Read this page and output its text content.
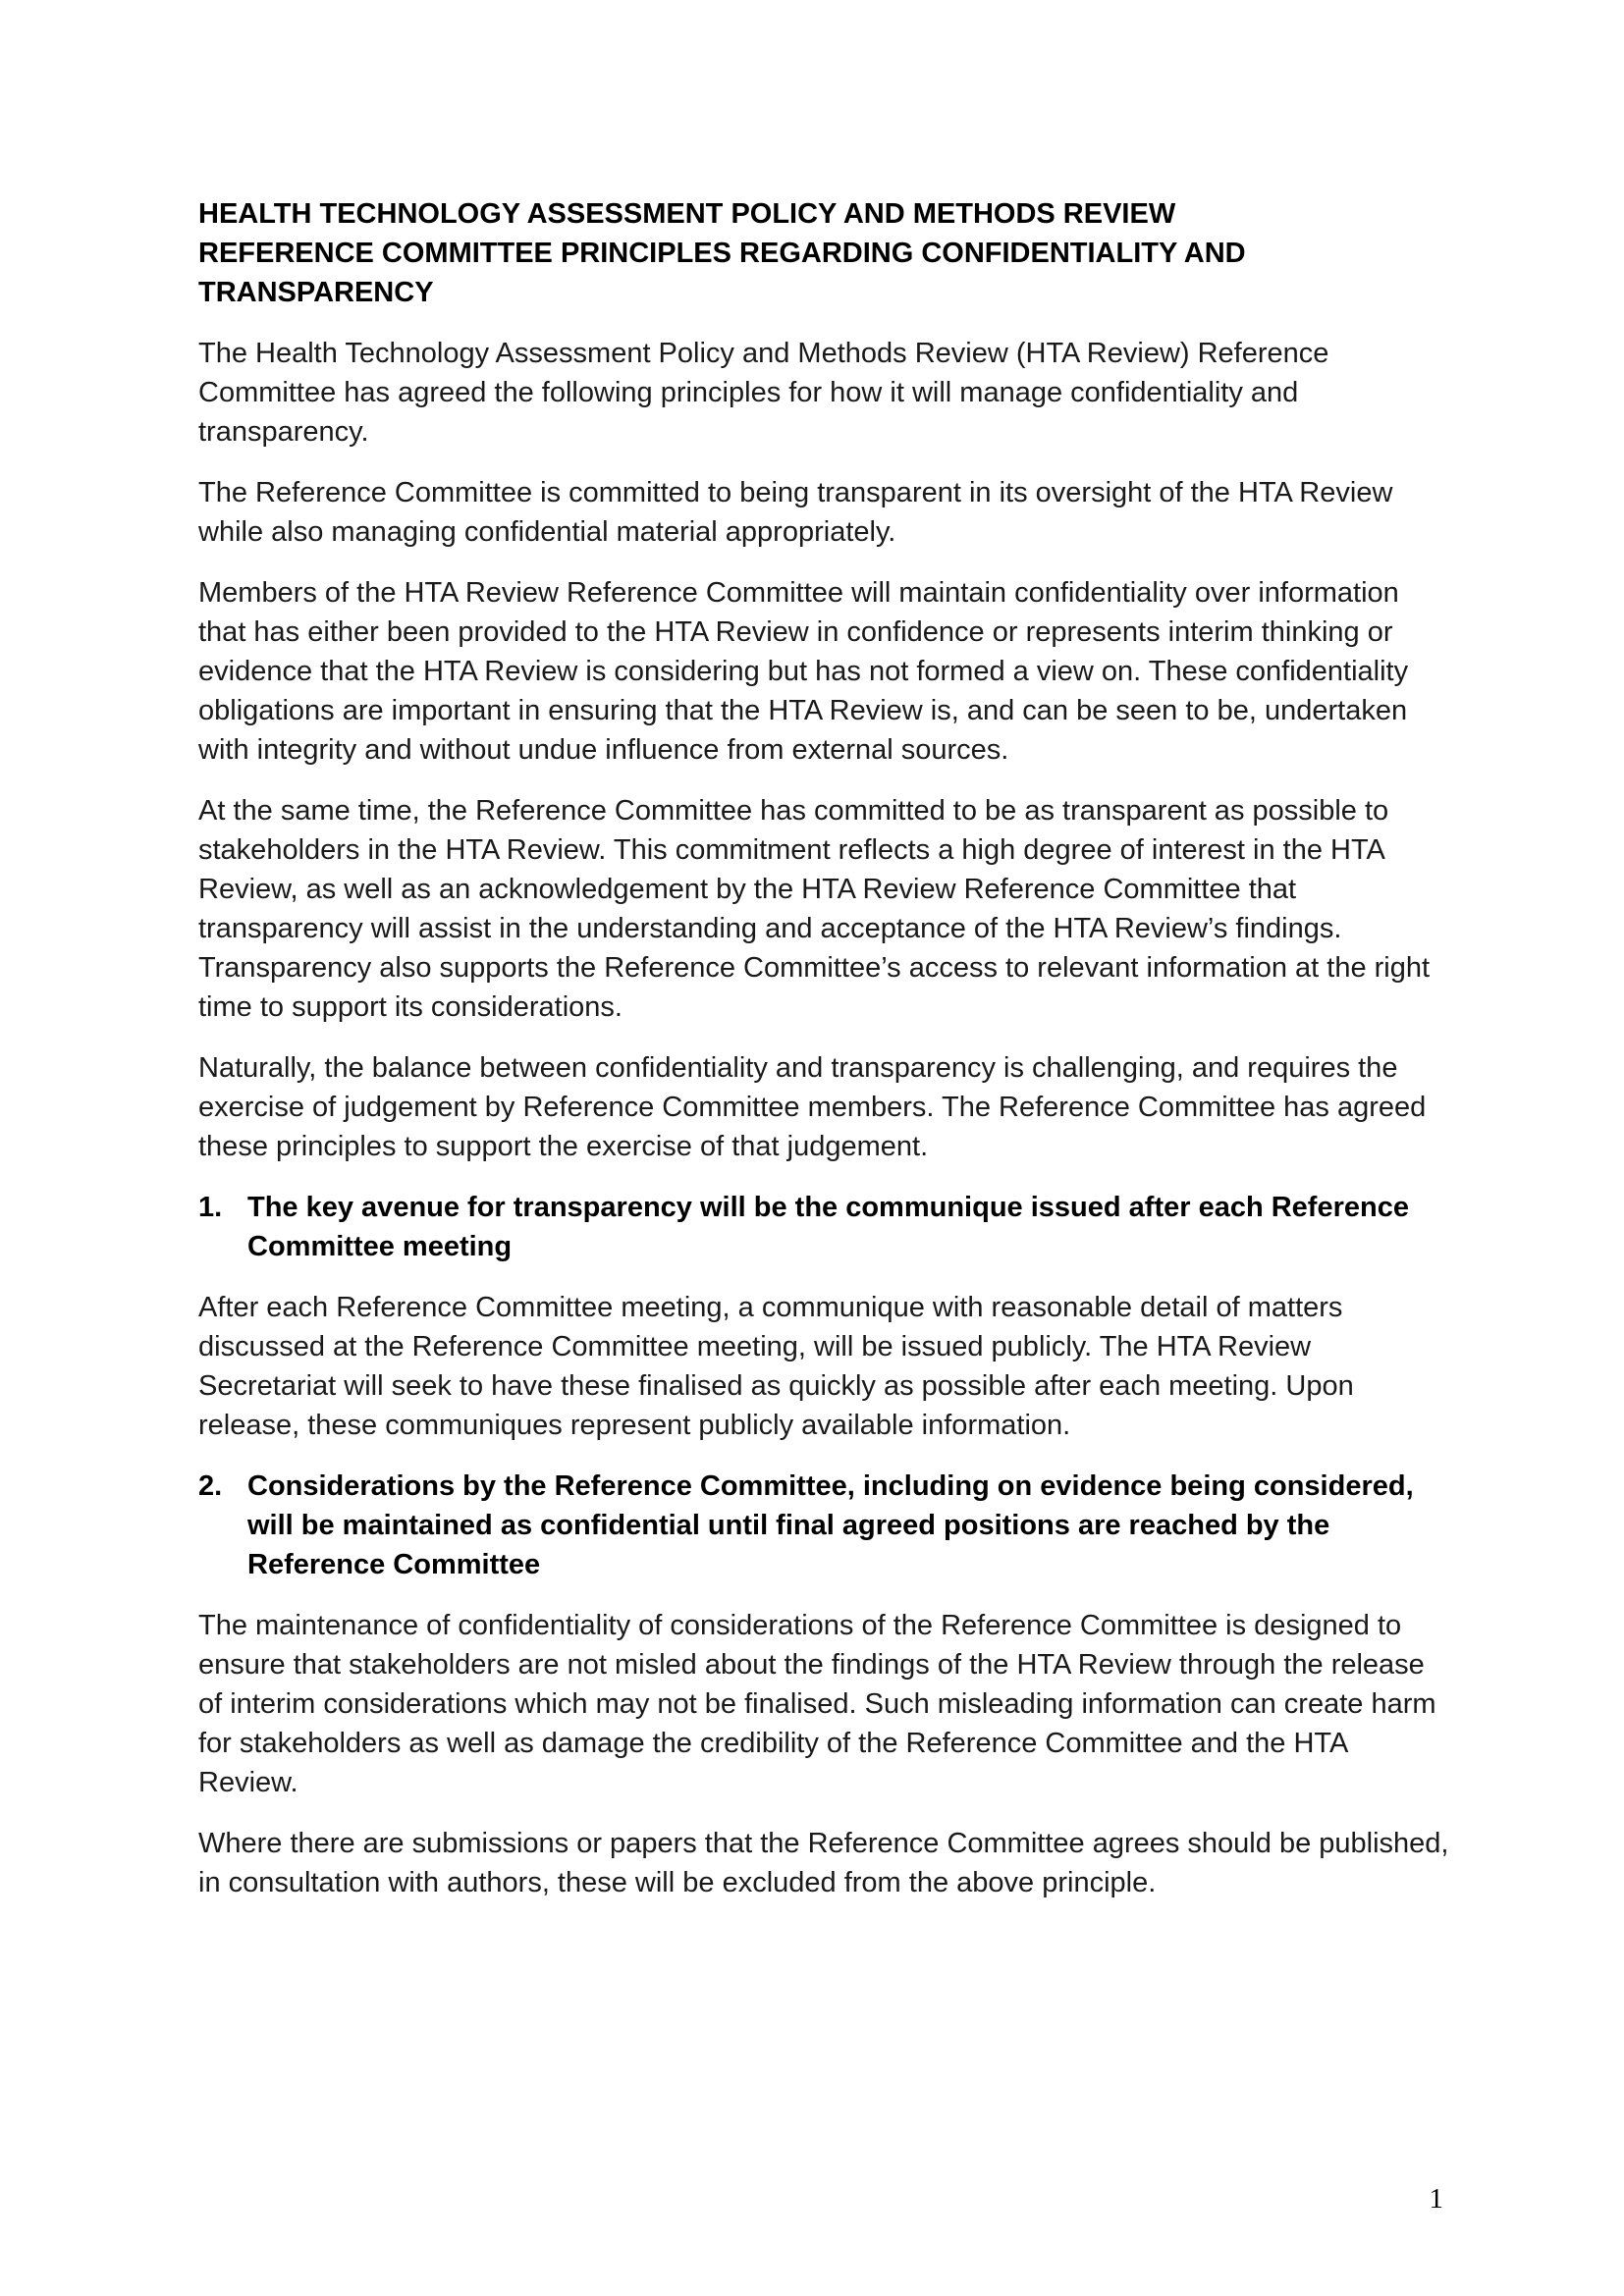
HEALTH TECHNOLOGY ASSESSMENT POLICY AND METHODS REVIEW
REFERENCE COMMITTEE PRINCIPLES REGARDING CONFIDENTIALITY AND
TRANSPARENCY

The Health Technology Assessment Policy and Methods Review (HTA Review) Reference Committee has agreed the following principles for how it will manage confidentiality and transparency.

The Reference Committee is committed to being transparent in its oversight of the HTA Review while also managing confidential material appropriately.

Members of the HTA Review Reference Committee will maintain confidentiality over information that has either been provided to the HTA Review in confidence or represents interim thinking or evidence that the HTA Review is considering but has not formed a view on. These confidentiality obligations are important in ensuring that the HTA Review is, and can be seen to be, undertaken with integrity and without undue influence from external sources.

At the same time, the Reference Committee has committed to be as transparent as possible to stakeholders in the HTA Review. This commitment reflects a high degree of interest in the HTA Review, as well as an acknowledgement by the HTA Review Reference Committee that transparency will assist in the understanding and acceptance of the HTA Review’s findings. Transparency also supports the Reference Committee’s access to relevant information at the right time to support its considerations.

Naturally, the balance between confidentiality and transparency is challenging, and requires the exercise of judgement by Reference Committee members. The Reference Committee has agreed these principles to support the exercise of that judgement.

1. The key avenue for transparency will be the communique issued after each Reference Committee meeting

After each Reference Committee meeting, a communique with reasonable detail of matters discussed at the Reference Committee meeting, will be issued publicly. The HTA Review Secretariat will seek to have these finalised as quickly as possible after each meeting. Upon release, these communiques represent publicly available information.

2. Considerations by the Reference Committee, including on evidence being considered, will be maintained as confidential until final agreed positions are reached by the Reference Committee

The maintenance of confidentiality of considerations of the Reference Committee is designed to ensure that stakeholders are not misled about the findings of the HTA Review through the release of interim considerations which may not be finalised. Such misleading information can create harm for stakeholders as well as damage the credibility of the Reference Committee and the HTA Review.

Where there are submissions or papers that the Reference Committee agrees should be published, in consultation with authors, these will be excluded from the above principle.

1
